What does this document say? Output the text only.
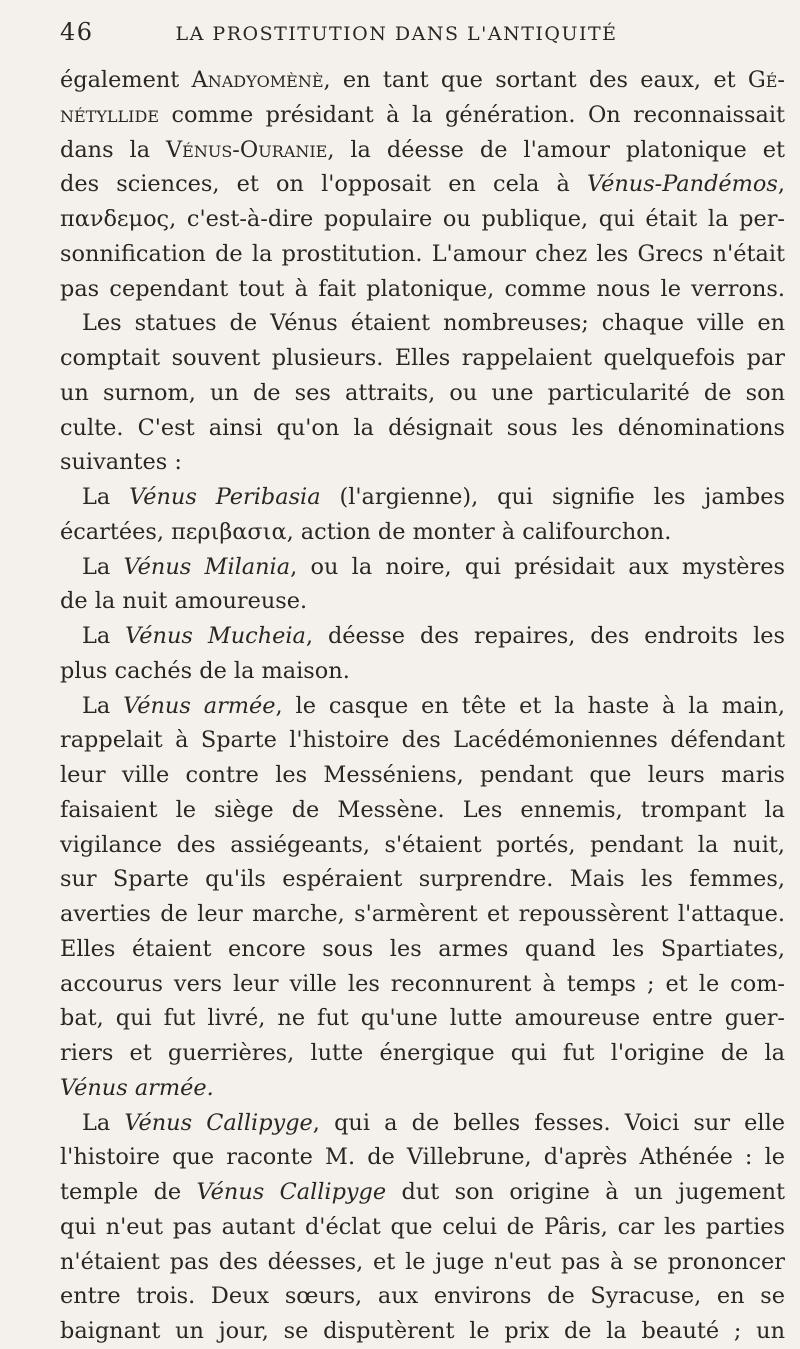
46	LA PROSTITUTION DANS L'ANTIQUITÉ
également Anadyomènè, en tant que sortant des eaux, et Gé-
nétyllide comme présidant à la génération. On reconnaissait
dans la Vénus-Ouranie, la déesse de l'amour platonique et
des sciences, et on l'opposait en cela à Vénus-Pandémos,
πανδεμος, c'est-à-dire populaire ou publique, qui était la per-
sonnification de la prostitution. L'amour chez les Grecs n'était
pas cependant tout à fait platonique, comme nous le verrons.
Les statues de Vénus étaient nombreuses; chaque ville en
comptait souvent plusieurs. Elles rappelaient quelquefois par
un surnom, un de ses attraits, ou une particularité de son
culte. C'est ainsi qu'on la désignait sous les dénominations
suivantes :
La Vénus Peribasia (l'argienne), qui signifie les jambes
écartées, περιβασια, action de monter à califourchon.
La Vénus Milania, ou la noire, qui présidait aux mystères
de la nuit amoureuse.
La Vénus Mucheia, déesse des repaires, des endroits les
plus cachés de la maison.
La Vénus armée, le casque en tête et la haste à la main,
rappelait à Sparte l'histoire des Lacédémoniennes défendant
leur ville contre les Messéniens, pendant que leurs maris
faisaient le siège de Messène. Les ennemis, trompant la
vigilance des assiégeants, s'étaient portés, pendant la nuit,
sur Sparte qu'ils espéraient surprendre. Mais les femmes,
averties de leur marche, s'armèrent et repoussèrent l'attaque.
Elles étaient encore sous les armes quand les Spartiates,
accourus vers leur ville les reconnurent à temps ; et le com-
bat, qui fut livré, ne fut qu'une lutte amoureuse entre guer-
riers et guerrières, lutte énergique qui fut l'origine de la
Vénus armée.
La Vénus Callipyge, qui a de belles fesses. Voici sur elle
l'histoire que raconte M. de Villebrune, d'après Athénée : le
temple de Vénus Callipyge dut son origine à un jugement
qui n'eut pas autant d'éclat que celui de Pâris, car les parties
n'étaient pas des déesses, et le juge n'eut pas à se prononcer
entre trois. Deux sœurs, aux environs de Syracuse, en se
baignant un jour, se disputèrent le prix de la beauté ; un
